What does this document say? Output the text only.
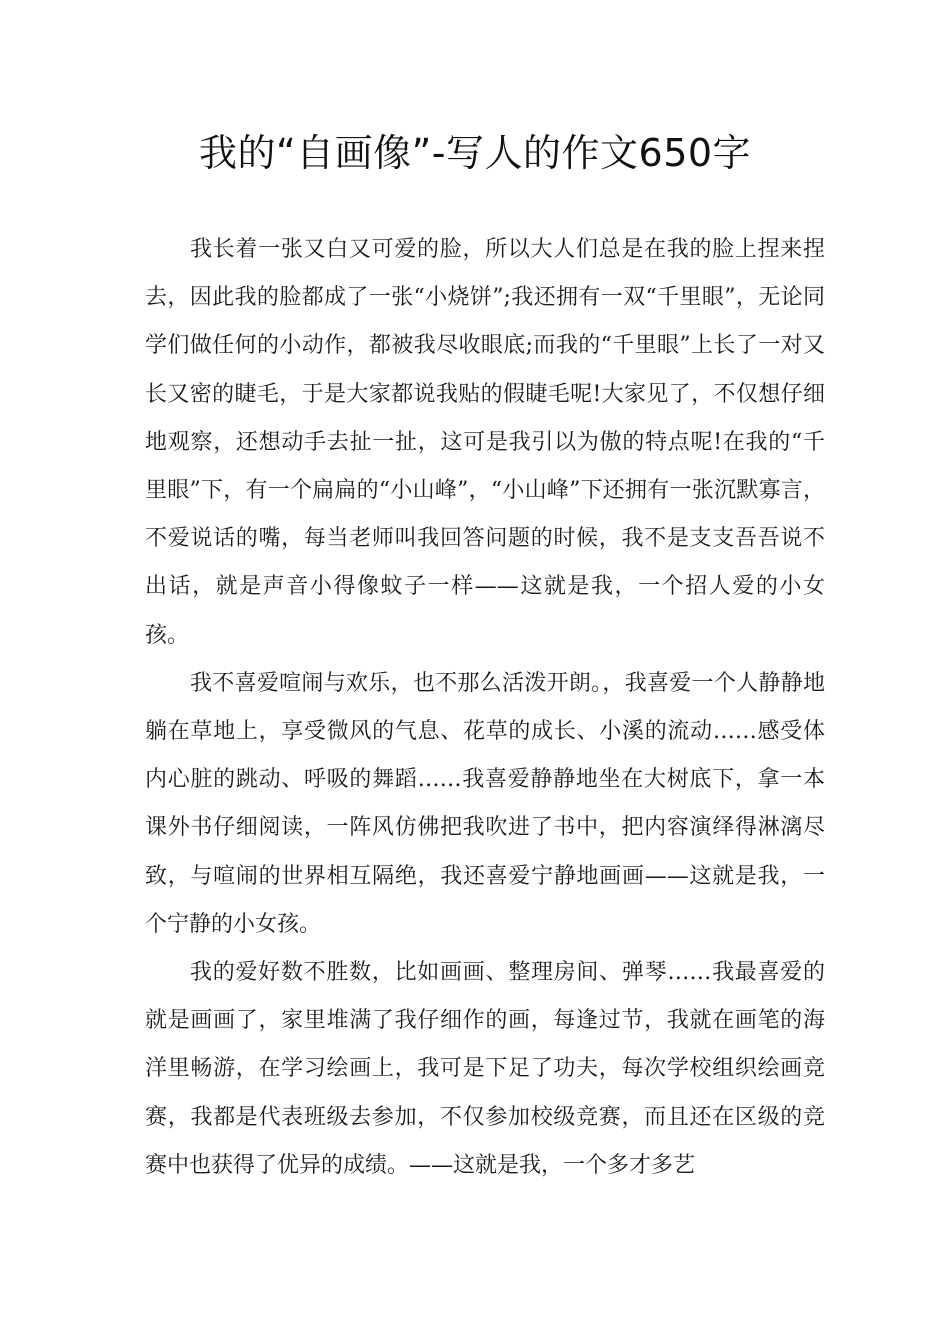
我的“自画像”-写人的作文650字

我长着一张又白又可爱的脸，所以大人们总是在我的脸上捏来捏去，因此我的脸都成了一张“小烧饼”;我还拥有一双“千里眼”，无论同学们做任何的小动作，都被我尽收眼底;而我的“千里眼”上长了一对又长又密的睫毛，于是大家都说我贴的假睫毛呢!大家见了，不仅想仔细地观察，还想动手去扯一扯，这可是我引以为傲的特点呢!在我的“千里眼”下，有一个扁扁的“小山峰”，“小山峰”下还拥有一张沉默寡言，不爱说话的嘴，每当老师叫我回答问题的时候，我不是支支吾吾说不出话，就是声音小得像蚊子一样——这就是我，一个招人爱的小女孩。

我不喜爱喧闹与欢乐，也不那么活泼开朗。，我喜爱一个人静静地躺在草地上，享受微风的气息、花草的成长、小溪的流动……感受体内心脏的跳动、呼吸的舞蹈……我喜爱静静地坐在大树底下，拿一本课外书仔细阅读，一阵风仿佛把我吹进了书中，把内容演绎得淋漓尽致，与喧闹的世界相互隔绝，我还喜爱宁静地画画——这就是我，一个宁静的小女孩。

我的爱好数不胜数，比如画画、整理房间、弹琴……我最喜爱的就是画画了，家里堆满了我仔细作的画，每逢过节，我就在画笔的海洋里畅游，在学习绘画上，我可是下足了功夫，每次学校组织绘画竞赛，我都是代表班级去参加，不仅参加校级竞赛，而且还在区级的竞赛中也获得了优异的成绩。——这就是我，一个多才多艺
